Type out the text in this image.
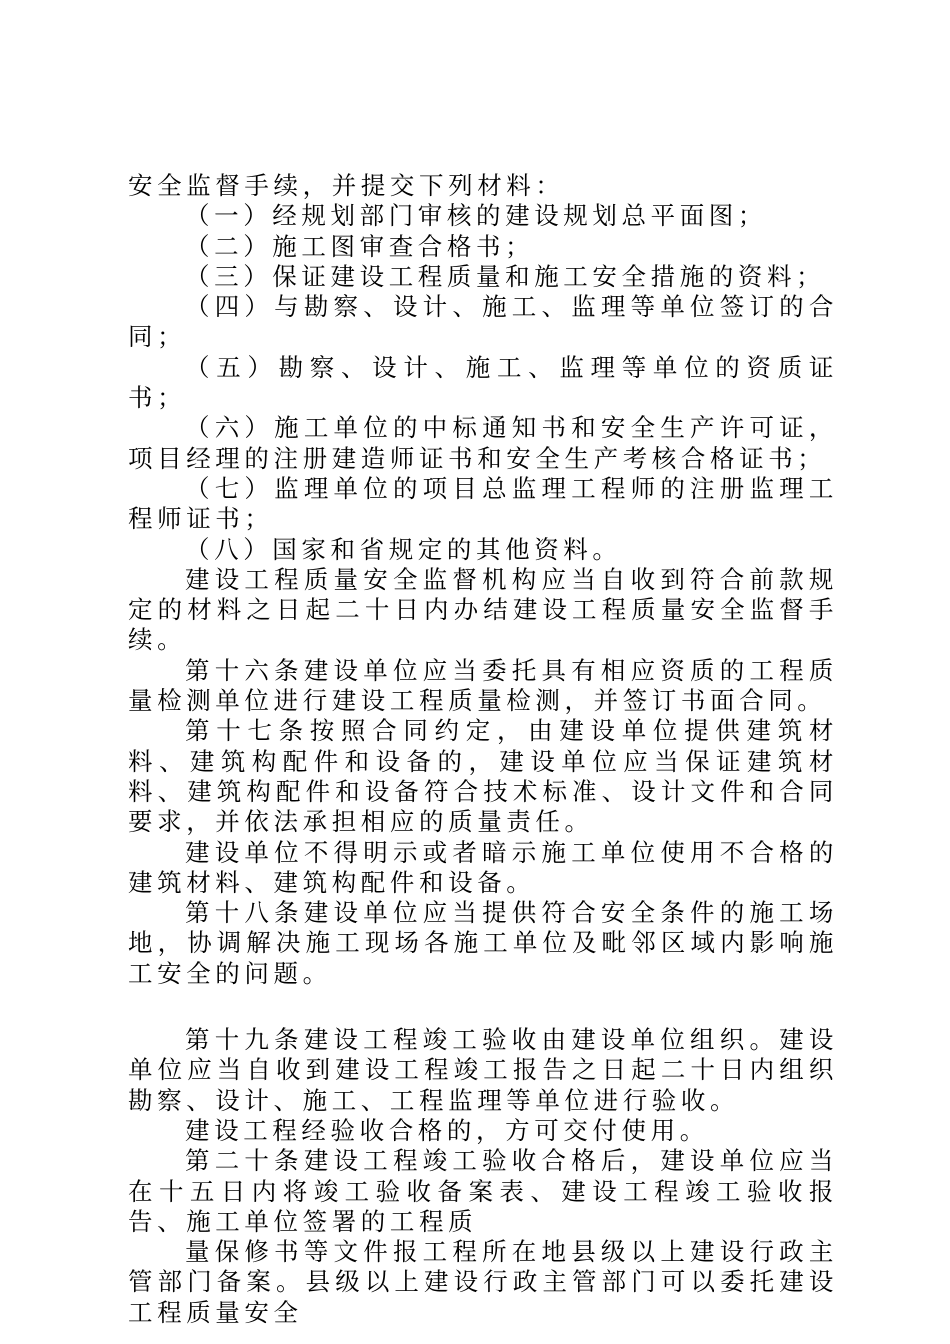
安全监督手续，并提交下列材料：

（一）经规划部门审核的建设规划总平面图；

（二）施工图审查合格书；

（三）保证建设工程质量和施工安全措施的资料；

（四）与勘察、设计、施工、监理等单位签订的合同；

（五）勘察、设计、施工、监理等单位的资质证书；

（六）施工单位的中标通知书和安全生产许可证，项目经理的注册建造师证书和安全生产考核合格证书；

（七）监理单位的项目总监理工程师的注册监理工程师证书；

（八）国家和省规定的其他资料。

建设工程质量安全监督机构应当自收到符合前款规定的材料之日起二十日内办结建设工程质量安全监督手续。

第十六条建设单位应当委托具有相应资质的工程质量检测单位进行建设工程质量检测，并签订书面合同。

第十七条按照合同约定，由建设单位提供建筑材料、建筑构配件和设备的，建设单位应当保证建筑材料、建筑构配件和设备符合技术标准、设计文件和合同要求，并依法承担相应的质量责任。

建设单位不得明示或者暗示施工单位使用不合格的建筑材料、建筑构配件和设备。

第十八条建设单位应当提供符合安全条件的施工场地，协调解决施工现场各施工单位及毗邻区域内影响施工安全的问题。

第十九条建设工程竣工验收由建设单位组织。建设单位应当自收到建设工程竣工报告之日起二十日内组织勘察、设计、施工、工程监理等单位进行验收。

建设工程经验收合格的，方可交付使用。

第二十条建设工程竣工验收合格后，建设单位应当在十五日内将竣工验收备案表、建设工程竣工验收报告、施工单位签署的工程质

量保修书等文件报工程所在地县级以上建设行政主管部门备案。县级以上建设行政主管部门可以委托建设工程质量安全
